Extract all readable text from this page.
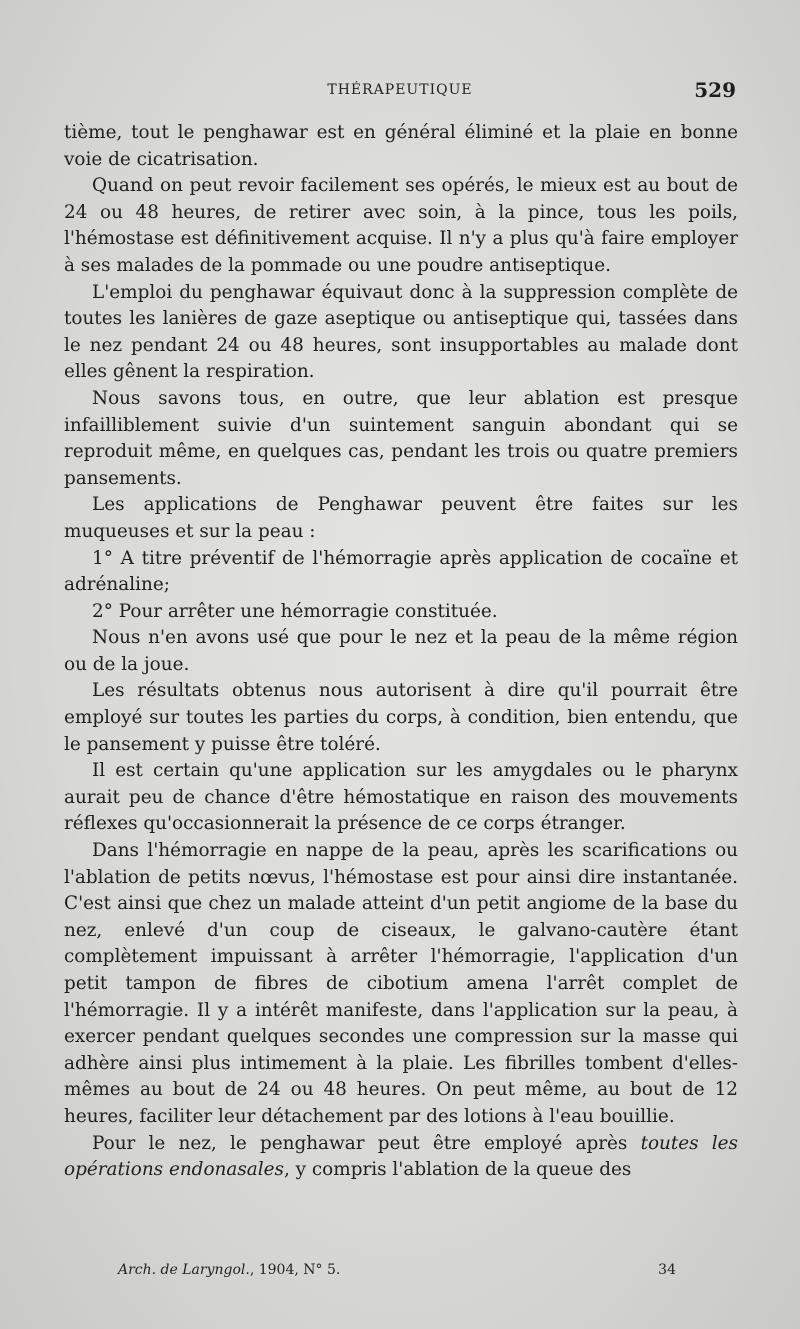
THÉRAPEUTIQUE	529

tième, tout le penghawar est en général éliminé et la plaie en bonne voie de cicatrisation.

Quand on peut revoir facilement ses opérés, le mieux est au bout de 24 ou 48 heures, de retirer avec soin, à la pince, tous les poils, l'hémostase est définitivement acquise. Il n'y a plus qu'à faire employer à ses malades de la pommade ou une poudre antiseptique.

L'emploi du penghawar équivaut donc à la suppression complète de toutes les lanières de gaze aseptique ou antiseptique qui, tassées dans le nez pendant 24 ou 48 heures, sont insupportables au malade dont elles gênent la respiration.

Nous savons tous, en outre, que leur ablation est presque infailliblement suivie d'un suintement sanguin abondant qui se reproduit même, en quelques cas, pendant les trois ou quatre premiers pansements.

Les applications de Penghawar peuvent être faites sur les muqueuses et sur la peau :

1° A titre préventif de l'hémorragie après application de cocaïne et adrénaline;

2° Pour arrêter une hémorragie constituée.

Nous n'en avons usé que pour le nez et la peau de la même région ou de la joue.

Les résultats obtenus nous autorisent à dire qu'il pourrait être employé sur toutes les parties du corps, à condition, bien entendu, que le pansement y puisse être toléré.

Il est certain qu'une application sur les amygdales ou le pharynx aurait peu de chance d'être hémostatique en raison des mouvements réflexes qu'occasionnerait la présence de ce corps étranger.

Dans l'hémorragie en nappe de la peau, après les scarifications ou l'ablation de petits nœvus, l'hémostase est pour ainsi dire instantanée. C'est ainsi que chez un malade atteint d'un petit angiome de la base du nez, enlevé d'un coup de ciseaux, le galvano-cautère étant complètement impuissant à arrêter l'hémorragie, l'application d'un petit tampon de fibres de cibotium amena l'arrêt complet de l'hémorragie. Il y a intérêt manifeste, dans l'application sur la peau, à exercer pendant quelques secondes une compression sur la masse qui adhère ainsi plus intimement à la plaie. Les fibrilles tombent d'elles-mêmes au bout de 24 ou 48 heures. On peut même, au bout de 12 heures, faciliter leur détachement par des lotions à l'eau bouillie.

Pour le nez, le penghawar peut être employé après toutes les opérations endonasales, y compris l'ablation de la queue des

Arch. de Laryngol., 1904, N° 5.	34
